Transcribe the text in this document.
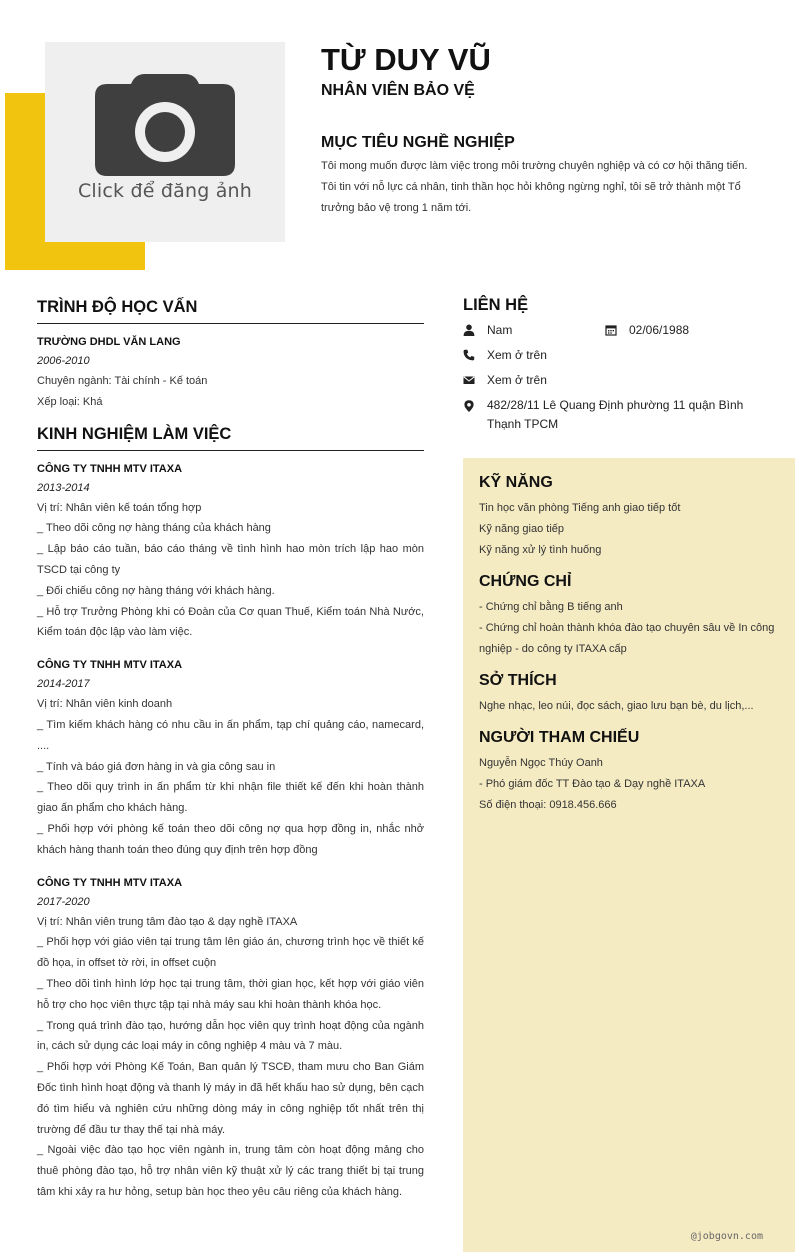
Click để đăng ảnh
TỪ DUY VŨ
NHÂN VIÊN BẢO VỆ
MỤC TIÊU NGHỀ NGHIỆP
Tôi mong muốn được làm việc trong môi trường chuyên nghiệp và có cơ hội thăng tiến. Tôi tin với nỗ lực cá nhân, tinh thần học hỏi không ngừng nghỉ, tôi sẽ trở thành một Tổ trưởng bảo vệ trong 1 năm tới.
TRÌNH ĐỘ HỌC VẤN
TRƯỜNG DHDL VĂN LANG
2006-2010
Chuyên ngành: Tài chính - Kế toán
Xếp loại: Khá
KINH NGHIỆM LÀM VIỆC
CÔNG TY TNHH MTV ITAXA
2013-2014
Vị trí: Nhân viên kế toán tổng hợp
_ Theo dõi công nợ hàng tháng của khách hàng
_ Lập báo cáo tuần, báo cáo tháng về tình hình hao mòn trích lập hao mòn TSCD tại công ty
_ Đối chiếu công nợ hàng tháng với khách hàng.
_ Hỗ trợ Trưởng Phòng khi có Đoàn của Cơ quan Thuế, Kiểm toán Nhà Nước, Kiểm toán độc lập vào làm việc.
CÔNG TY TNHH MTV ITAXA
2014-2017
Vị trí: Nhân viên kinh doanh
_ Tìm kiếm khách hàng có nhu cầu in ấn phẩm, tạp chí quảng cáo, namecard, ....
_ Tính và báo giá đơn hàng in và gia công sau in
_ Theo dõi quy trình in ấn phẩm từ khi nhận file thiết kế đến khi hoàn thành giao ấn phẩm cho khách hàng.
_ Phối hợp với phòng kế toán theo dõi công nợ qua hợp đồng in, nhắc nhở khách hàng thanh toán theo đúng quy định trên hợp đồng
CÔNG TY TNHH MTV ITAXA
2017-2020
Vị trí: Nhân viên trung tâm đào tạo & dạy nghề ITAXA
_ Phối hợp với giáo viên tại trung tâm lên giáo án, chương trình học về thiết kế đồ họa, in offset tờ rời, in offset cuộn
_ Theo dõi tình hình lớp học tại trung tâm, thời gian học, kết hợp với giáo viên hỗ trợ cho học viên thực tập tại nhà máy sau khi hoàn thành khóa học.
_ Trong quá trình đào tạo, hướng dẫn học viên quy trình hoạt động của ngành in, cách sử dụng các loại máy in công nghiệp 4 màu và 7 màu.
_ Phối hợp với Phòng Kế Toán, Ban quản lý TSCĐ, tham mưu cho Ban Giám Đốc tình hình hoạt động và thanh lý máy in đã hết khấu hao sử dụng, bên cạch đó tìm hiểu và nghiên cứu những dòng máy in công nghiệp tốt nhất trên thị trường để đầu tư thay thế tại nhà máy.
_ Ngoài việc đào tạo học viên ngành in, trung tâm còn hoạt động mảng cho thuê phòng đào tạo, hỗ trợ nhân viên kỹ thuật xử lý các trang thiết bị tại trung tâm khi xảy ra hư hỏng, setup bàn học theo yêu câu riêng của khách hàng.
KỸ NĂNG
Tin học văn phòng Tiếng anh giao tiếp tốt
Kỹ năng giao tiếp
Kỹ năng xử lý tình huống
CHỨNG CHỈ
- Chứng chỉ bằng B tiếng anh
- Chứng chỉ hoàn thành khóa đào tạo chuyên sâu về In công nghiệp - do công ty ITAXA cấp
SỞ THÍCH
Nghe nhạc, leo núi, đọc sách, giao lưu bạn bè, du lịch,...
NGƯỜI THAM CHIẾU
Nguyễn Ngọc Thúy Oanh
- Phó giám đốc TT Đào tạo & Dạy nghề ITAXA
Số điện thoại: 0918.456.666
@jobgovn.com
LIÊN HỆ
Nam	02/06/1988
Xem ở trên
Xem ở trên
482/28/11 Lê Quang Định phường 11 quận Bình Thạnh TPCM
